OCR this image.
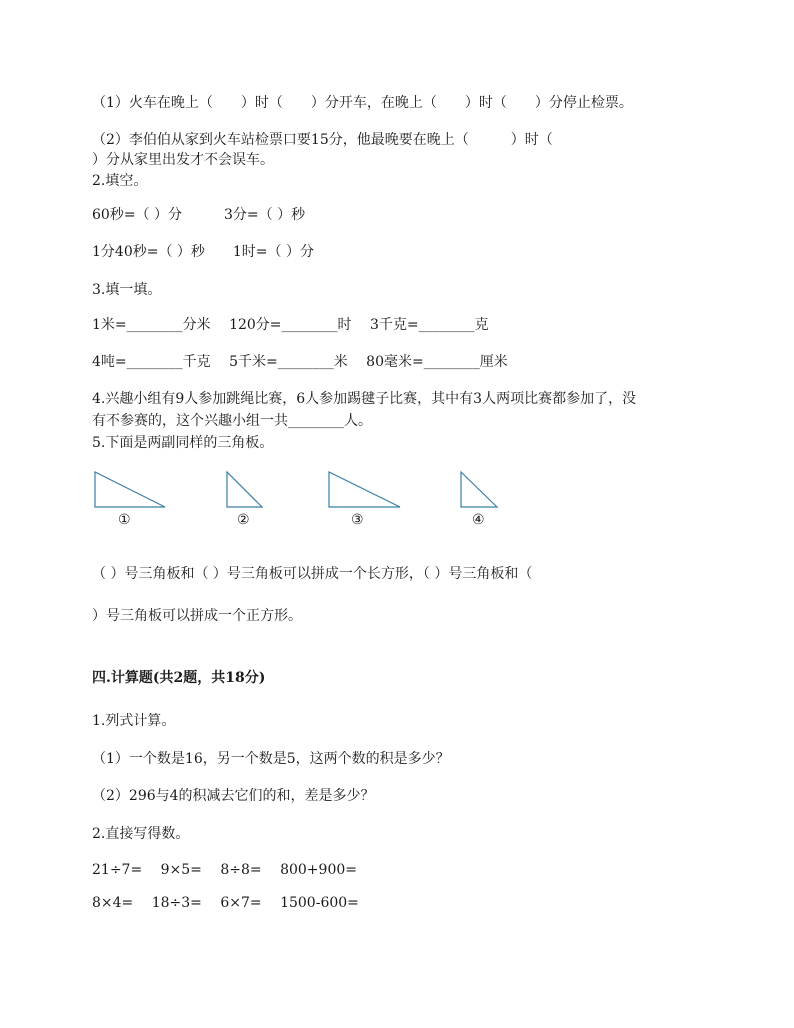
（1）火车在晚上（　　）时（　　）分开车，在晚上（　　）时（　　）分停止检票。
（2）李伯伯从家到火车站检票口要15分，他最晚要在晚上（　　　）时（
）分从家里出发才不会误车。
2.填空。
60秒=（ ）分　　　3分=（ ）秒
1分40秒=（ ）秒　　1时=（ ）分
3.填一填。
1米=________分米　 120分=________时　 3千克=________克
4吨=________千克　 5千米=________米　 80毫米=________厘米
4.兴趣小组有9人参加跳绳比赛，6人参加踢毽子比赛，其中有3人两项比赛都参加了，没
有不参赛的，这个兴趣小组一共________人。
5.下面是两副同样的三角板。
①	②	③	④
（ ）号三角板和（ ）号三角板可以拼成一个长方形，（ ）号三角板和（
）号三角板可以拼成一个正方形。
四.计算题(共2题，共18分)
1.列式计算。
（1）一个数是16，另一个数是5，这两个数的积是多少？
（2）296与4的积减去它们的和，差是多少？
2.直接写得数。
21÷7=　 9×5=　 8÷8=　 800+900=
8×4=　 18÷3=　 6×7=　 1500-600=
